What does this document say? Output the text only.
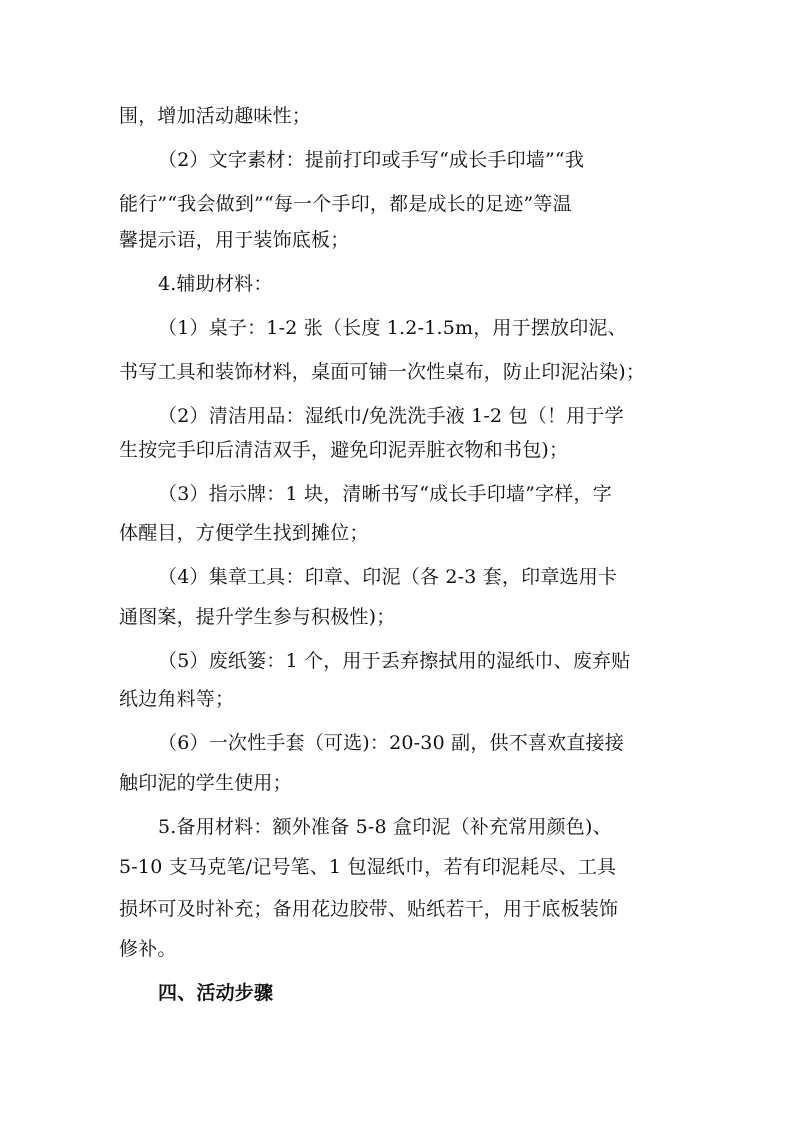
围，增加活动趣味性；
（2）文字素材：提前打印或手写“成长手印墙”“我
能行”“我会做到”“每一个手印，都是成长的足迹”等温
馨提示语，用于装饰底板；
4.辅助材料：
（1）桌子：1-2 张（长度 1.2-1.5m，用于摆放印泥、
书写工具和装饰材料，桌面可铺一次性桌布，防止印泥沾染)；
（2）清洁用品：湿纸巾/免洗洗手液 1-2 包（！用于学
生按完手印后清洁双手，避免印泥弄脏衣物和书包)；
（3）指示牌：1 块，清晰书写“成长手印墙”字样，字
体醒目，方便学生找到摊位；
（4）集章工具：印章、印泥（各 2-3 套，印章选用卡
通图案，提升学生参与积极性)；
（5）废纸篓：1 个，用于丢弃擦拭用的湿纸巾、废弃贴
纸边角料等；
（6）一次性手套（可选)：20-30 副，供不喜欢直接接
触印泥的学生使用；
5.备用材料：额外准备 5-8 盒印泥（补充常用颜色)、
5-10 支马克笔/记号笔、1 包湿纸巾，若有印泥耗尽、工具
损坏可及时补充；备用花边胶带、贴纸若干，用于底板装饰
修补。
四、活动步骤
